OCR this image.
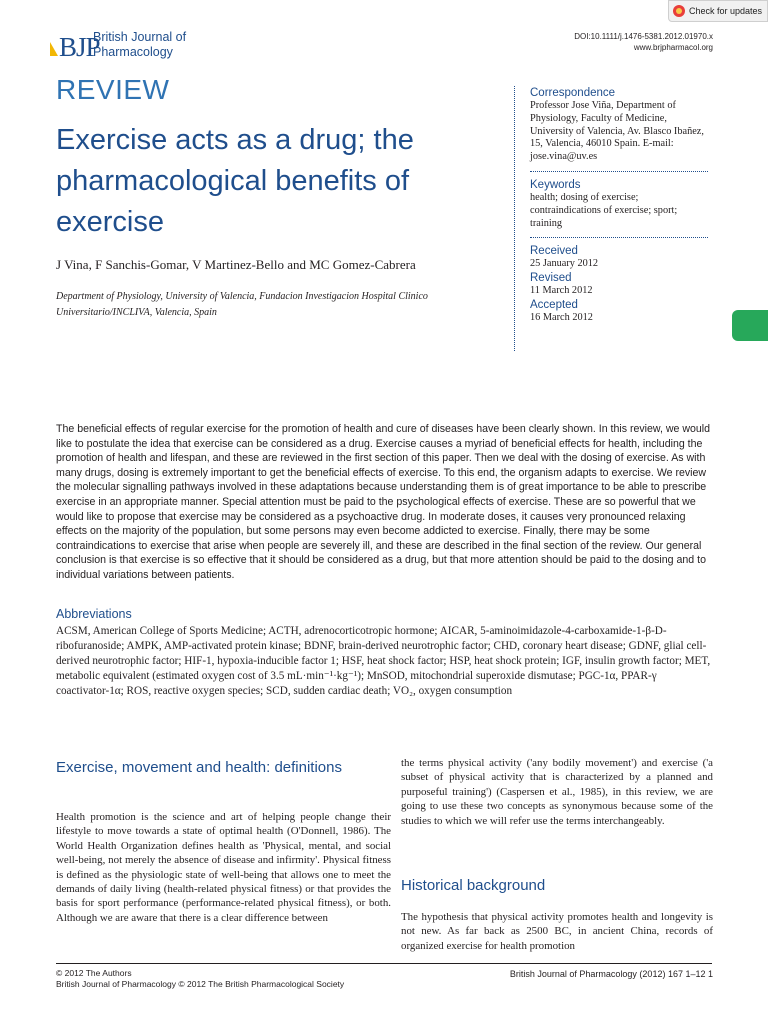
Check for updates
BJP
British Journal of
Pharmacology
DOI:10.1111/j.1476-5381.2012.01970.x
www.brjpharmacol.org
REVIEW
Exercise acts as a drug; the pharmacological benefits of exercise
J Vina, F Sanchis-Gomar, V Martinez-Bello and MC Gomez-Cabrera
Department of Physiology, University of Valencia, Fundacion Investigacion Hospital Clinico Universitario/INCLIVA, Valencia, Spain
Correspondence
Professor Jose Viña, Department of Physiology, Faculty of Medicine, University of Valencia, Av. Blasco Ibañez, 15, Valencia, 46010 Spain. E-mail: jose.vina@uv.es
Keywords
health; dosing of exercise; contraindications of exercise; sport; training
Received
25 January 2012
Revised
11 March 2012
Accepted
16 March 2012

The beneficial effects of regular exercise for the promotion of health and cure of diseases have been clearly shown. In this review, we would like to postulate the idea that exercise can be considered as a drug. Exercise causes a myriad of beneficial effects for health, including the promotion of health and lifespan, and these are reviewed in the first section of this paper. Then we deal with the dosing of exercise. As with many drugs, dosing is extremely important to get the beneficial effects of exercise. To this end, the organism adapts to exercise. We review the molecular signalling pathways involved in these adaptations because understanding them is of great importance to be able to prescribe exercise in an appropriate manner. Special attention must be paid to the psychological effects of exercise. These are so powerful that we would like to propose that exercise may be considered as a psychoactive drug. In moderate doses, it causes very pronounced relaxing effects on the majority of the population, but some persons may even become addicted to exercise. Finally, there may be some contraindications to exercise that arise when people are severely ill, and these are described in the final section of the review. Our general conclusion is that exercise is so effective that it should be considered as a drug, but that more attention should be paid to the dosing and to individual variations between patients.

Abbreviations

ACSM, American College of Sports Medicine; ACTH, adrenocorticotropic hormone; AICAR, 5-aminoimidazole-4-carboxamide-1-β-D-ribofuranoside; AMPK, AMP-activated protein kinase; BDNF, brain-derived neurotrophic factor; CHD, coronary heart disease; GDNF, glial cell-derived neurotrophic factor; HIF-1, hypoxia-inducible factor 1; HSF, heat shock factor; HSP, heat shock protein; IGF, insulin growth factor; MET, metabolic equivalent (estimated oxygen cost of 3.5 mL·min⁻¹·kg⁻¹); MnSOD, mitochondrial superoxide dismutase; PGC-1α, PPAR-γ coactivator-1α; ROS, reactive oxygen species; SCD, sudden cardiac death; VO₂, oxygen consumption

Exercise, movement and health: definitions

Health promotion is the science and art of helping people change their lifestyle to move towards a state of optimal health (O'Donnell, 1986). The World Health Organization defines health as 'Physical, mental, and social well-being, not merely the absence of disease and infirmity'. Physical fitness is defined as the physiologic state of well-being that allows one to meet the demands of daily living (health-related physical fitness) or that provides the basis for sport performance (performance-related physical fitness), or both. Although we are aware that there is a clear difference between

the terms physical activity ('any bodily movement') and exercise ('a subset of physical activity that is characterized by a planned and purposeful training') (Caspersen et al., 1985), in this review, we are going to use these two concepts as synonymous because some of the studies to which we will refer use the terms interchangeably.

Historical background

The hypothesis that physical activity promotes health and longevity is not new. As far back as 2500 BC, in ancient China, records of organized exercise for health promotion

© 2012 The Authors
British Journal of Pharmacology © 2012 The British Pharmacological Society
British Journal of Pharmacology (2012) 167 1–12 1
